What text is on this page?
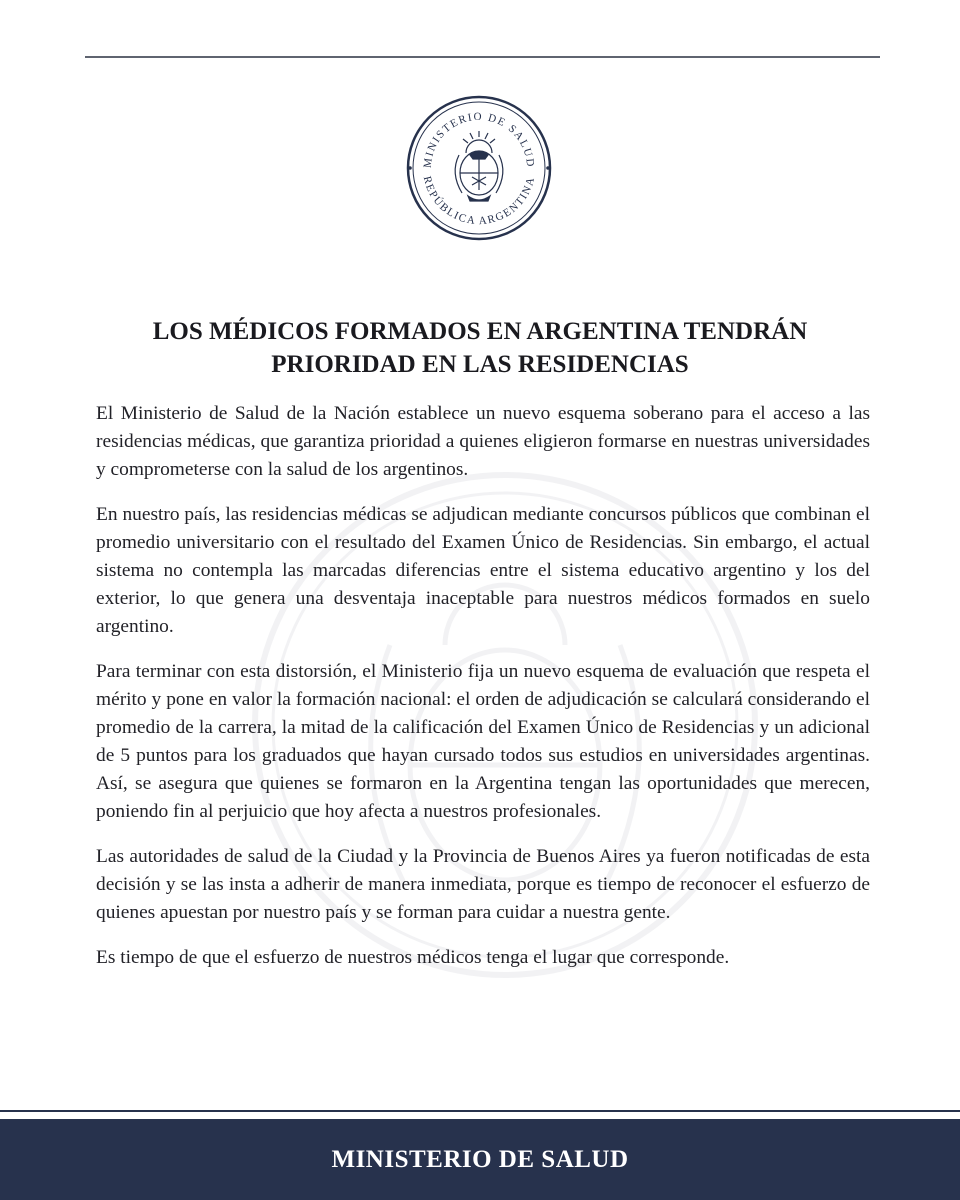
MINISTERIO DE SALUD
REPÚBLICA ARGENTINA
LOS MÉDICOS FORMADOS EN ARGENTINA TENDRÁN
PRIORIDAD EN LAS RESIDENCIAS

El Ministerio de Salud de la Nación establece un nuevo esquema soberano para el acceso a las residencias médicas, que garantiza prioridad a quienes eligieron formarse en nuestras universidades y comprometerse con la salud de los argentinos.

En nuestro país, las residencias médicas se adjudican mediante concursos públicos que combinan el promedio universitario con el resultado del Examen Único de Residencias. Sin embargo, el actual sistema no contempla las marcadas diferencias entre el sistema educativo argentino y los del exterior, lo que genera una desventaja inaceptable para nuestros médicos formados en suelo argentino.

Para terminar con esta distorsión, el Ministerio fija un nuevo esquema de evaluación que respeta el mérito y pone en valor la formación nacional: el orden de adjudicación se calculará considerando el promedio de la carrera, la mitad de la calificación del Examen Único de Residencias y un adicional de 5 puntos para los graduados que hayan cursado todos sus estudios en universidades argentinas. Así, se asegura que quienes se formaron en la Argentina tengan las oportunidades que merecen, poniendo fin al perjuicio que hoy afecta a nuestros profesionales.

Las autoridades de salud de la Ciudad y la Provincia de Buenos Aires ya fueron notificadas de esta decisión y se las insta a adherir de manera inmediata, porque es tiempo de reconocer el esfuerzo de quienes apuestan por nuestro país y se forman para cuidar a nuestra gente.

Es tiempo de que el esfuerzo de nuestros médicos tenga el lugar que corresponde.

MINISTERIO DE SALUD
